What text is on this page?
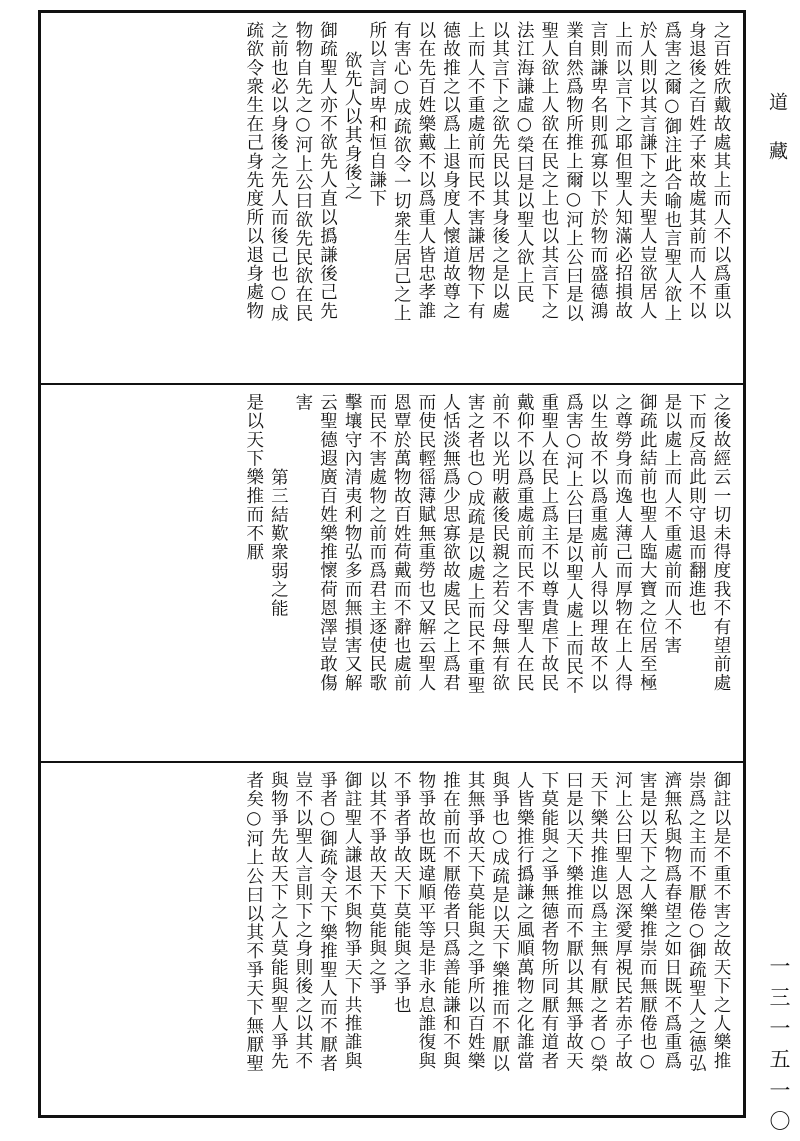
之百姓欣戴故處其上而人不以爲重以
身退後之百姓子來故處其前而人不以
爲害之爾○御注此合喻也言聖人欲上
於人則以其言謙下之夫聖人豈欲居人
上而以言下之耶但聖人知滿必招損故
言則謙卑名則孤寡以下於物而盛德鴻
業自然爲物所推上爾○河上公曰是以
聖人欲上人欲在民之上也以其言下之
法江海謙虛○榮曰是以聖人欲上民
以其言下之欲先民以其身後之是以處
上而人不重處前而民不害謙居物下有
德故推之以爲上退身度人懷道故尊之
以在先百姓樂戴不以爲重人皆忠孝誰
有害心○成疏欲令一切衆生居己之上
所以言詞卑和恒自謙下
欲先人以其身後之
御疏聖人亦不欲先人直以撝謙後己先
物物自先之○河上公曰欲先民欲在民
之前也必以身後之先人而後己也○成
疏欲令衆生在己身先度所以退身處物
之後故經云一切未得度我不有望前處
下而反高此則守退而翻進也
是以處上而人不重處前而人不害
御疏此結前也聖人臨大寶之位居至極
之尊勞身而逸人薄己而厚物在上人得
以生故不以爲重處前人得以理故不以
爲害○河上公曰是以聖人處上而民不
重聖人在民上爲主不以尊貴虐下故民
戴仰不以爲重處前而民不害聖人在民
前不以光明蔽後民親之若父母無有欲
害之者也○成疏是以處上而民不重聖
人恬淡無爲少思寡欲故處民之上爲君
而使民輕徭薄賦無重勞也又解云聖人
恩覃於萬物故百姓荷戴而不辭也處前
而民不害處物之前而爲君主逐使民歌
擊壤守內清夷利物弘多而無損害又解
云聖德遐廣百姓樂推懷荷恩澤豈敢傷
害
第三結歎衆弱之能
是以天下樂推而不厭
御註以是不重不害之故天下之人樂推
崇爲之主而不厭倦○御疏聖人之德弘
濟無私與物爲春望之如日既不爲重爲
害是以天下之人樂推崇而無厭倦也○
河上公曰聖人恩深愛厚視民若赤子故
天下樂共推進以爲主無有厭之者○榮
曰是以天下樂推而不厭以其無爭故天
下莫能與之爭無德者物所同厭有道者
人皆樂推行撝謙之風順萬物之化誰當
與爭也○成疏是以天下樂推而不厭以
其無爭故天下莫能與之爭所以百姓樂
推在前而不厭倦者只爲善能謙和不與
物爭故也既違順平等是非永息誰復與
不爭者爭故天下莫能與之爭也
以其不爭故天下莫能與之爭
御註聖人謙退不與物爭天下共推誰與
爭者○御疏令天下樂推聖人而不厭者
豈不以聖人言則下之身則後之以其不
與物爭先故天下之人莫能與聖人爭先
者矣○河上公曰以其不爭天下無厭聖
道藏
一三一五一〇
